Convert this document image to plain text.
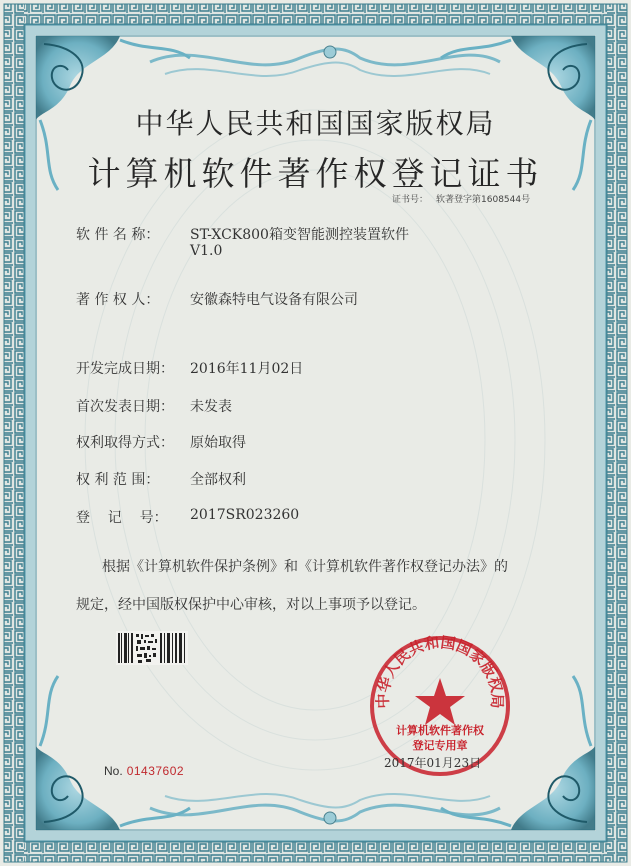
中华人民共和国国家版权局
计算机软件著作权登记证书
证书号： 软著登字第1608544号
软 件 名 称： ST-XCK800箱变智能测控装置软件
V1.0
著 作 权 人： 安徽森特电气设备有限公司
开发完成日期： 2016年11月02日
首次发表日期： 未发表
权利取得方式： 原始取得
权 利 范 围： 全部权利
登    记    号： 2017SR023260
根据《计算机软件保护条例》和《计算机软件著作权登记办法》的
规定，经中国版权保护中心审核，对以上事项予以登记。
No. 01437602
中华人民共和国国家版权局
计算机软件著作权
登记专用章
2017年01月23日
